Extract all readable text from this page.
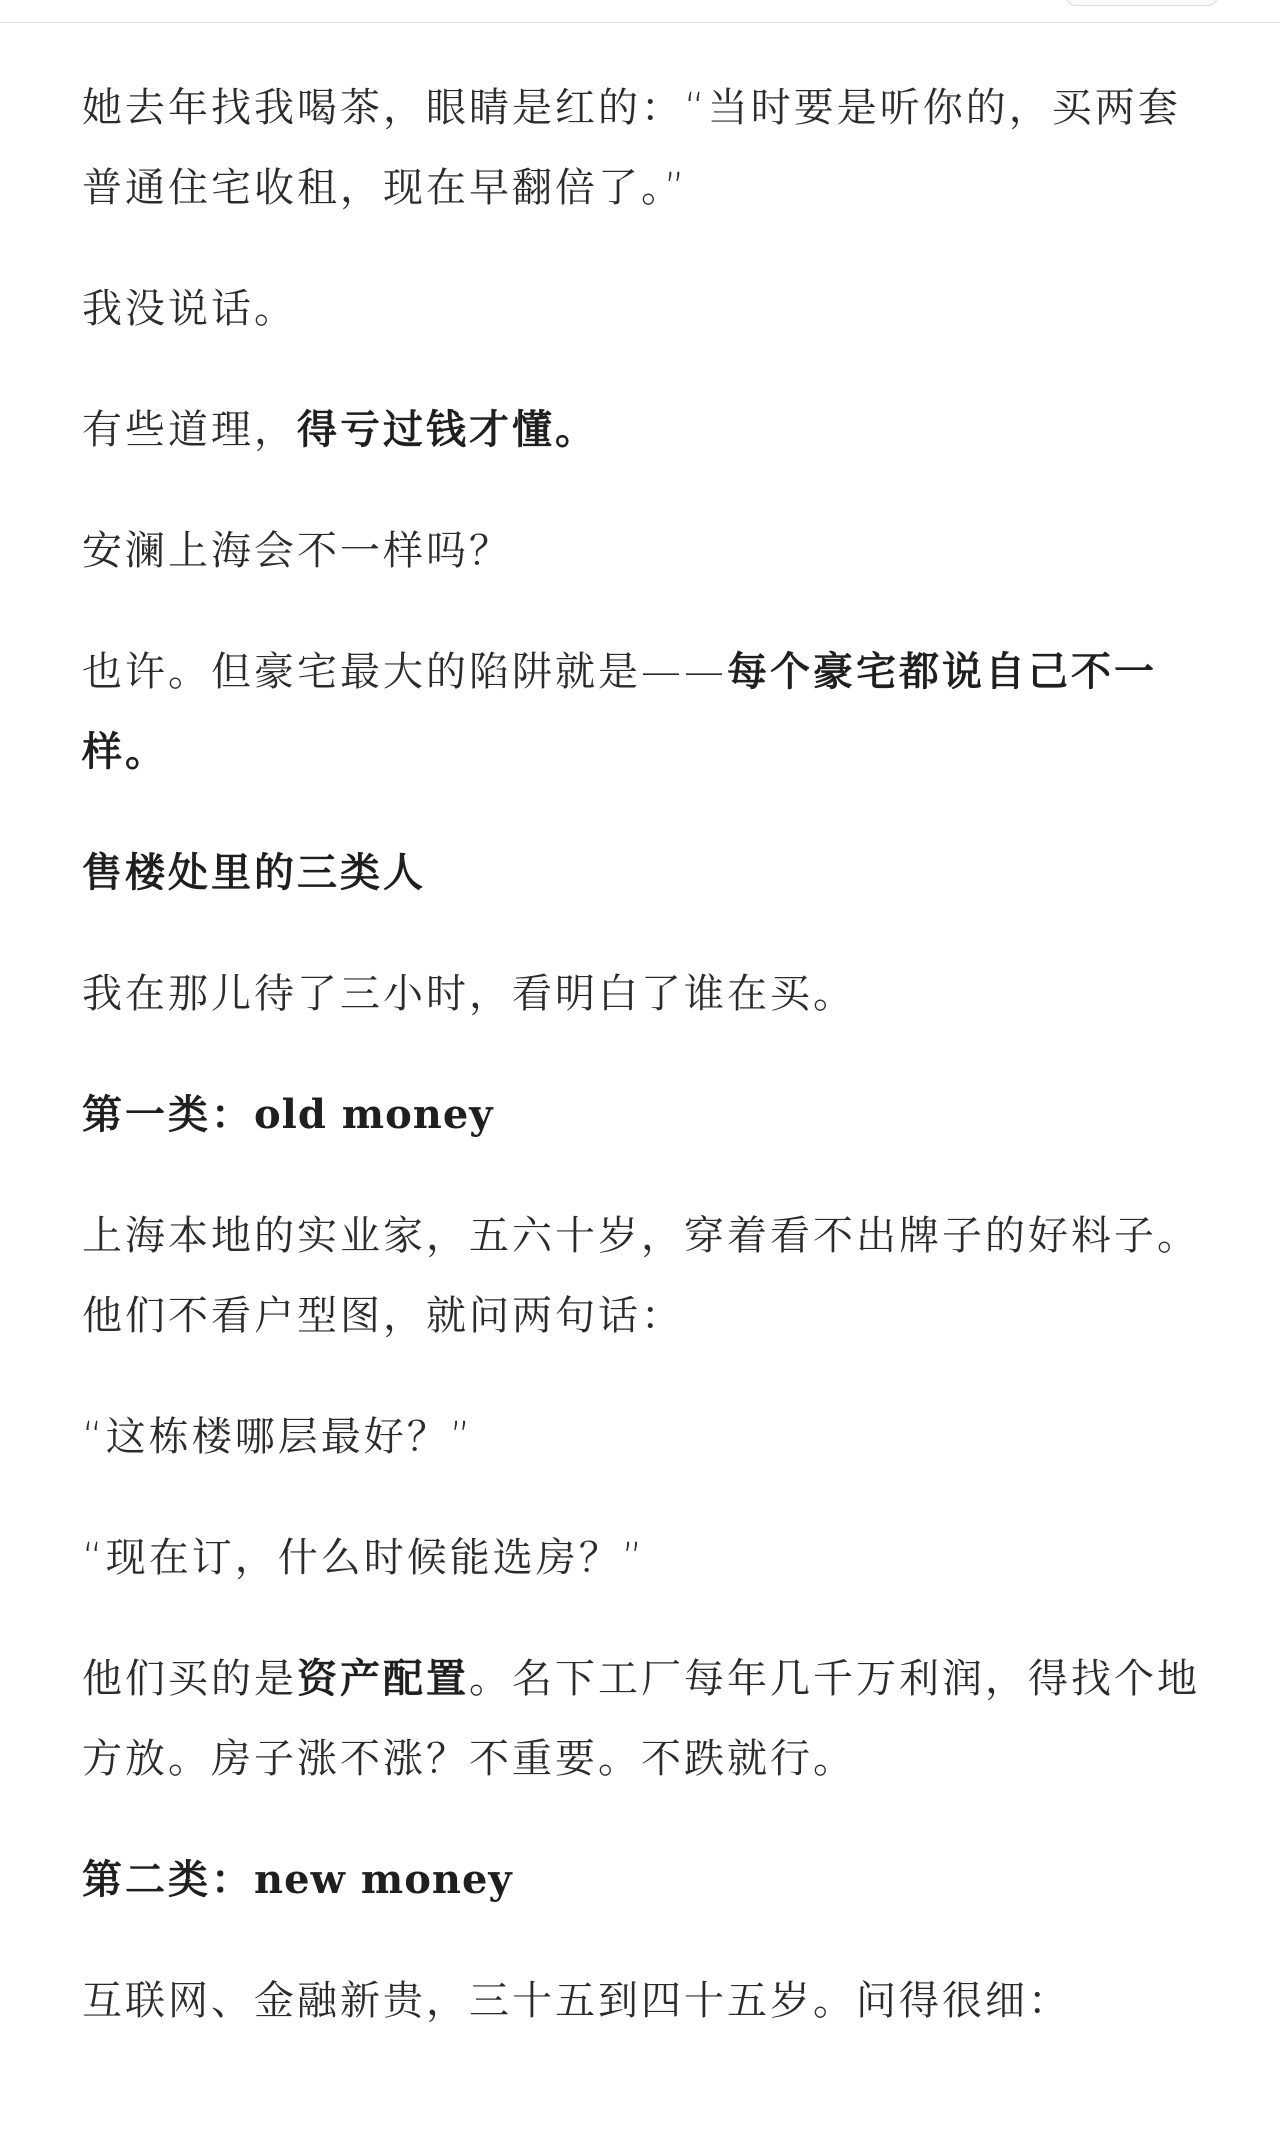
她去年找我喝茶，眼睛是红的：“当时要是听你的，买两套普通住宅收租，现在早翻倍了。”

我没说话。

有些道理，得亏过钱才懂。

安澜上海会不一样吗？

也许。但豪宅最大的陷阱就是——每个豪宅都说自己不一样。

售楼处里的三类人

我在那儿待了三小时，看明白了谁在买。

第一类：old money

上海本地的实业家，五六十岁，穿着看不出牌子的好料子。他们不看户型图，就问两句话：

“这栋楼哪层最好？”

“现在订，什么时候能选房？”

他们买的是资产配置。名下工厂每年几千万利润，得找个地方放。房子涨不涨？不重要。不跌就行。

第二类：new money

互联网、金融新贵，三十五到四十五岁。问得很细：
